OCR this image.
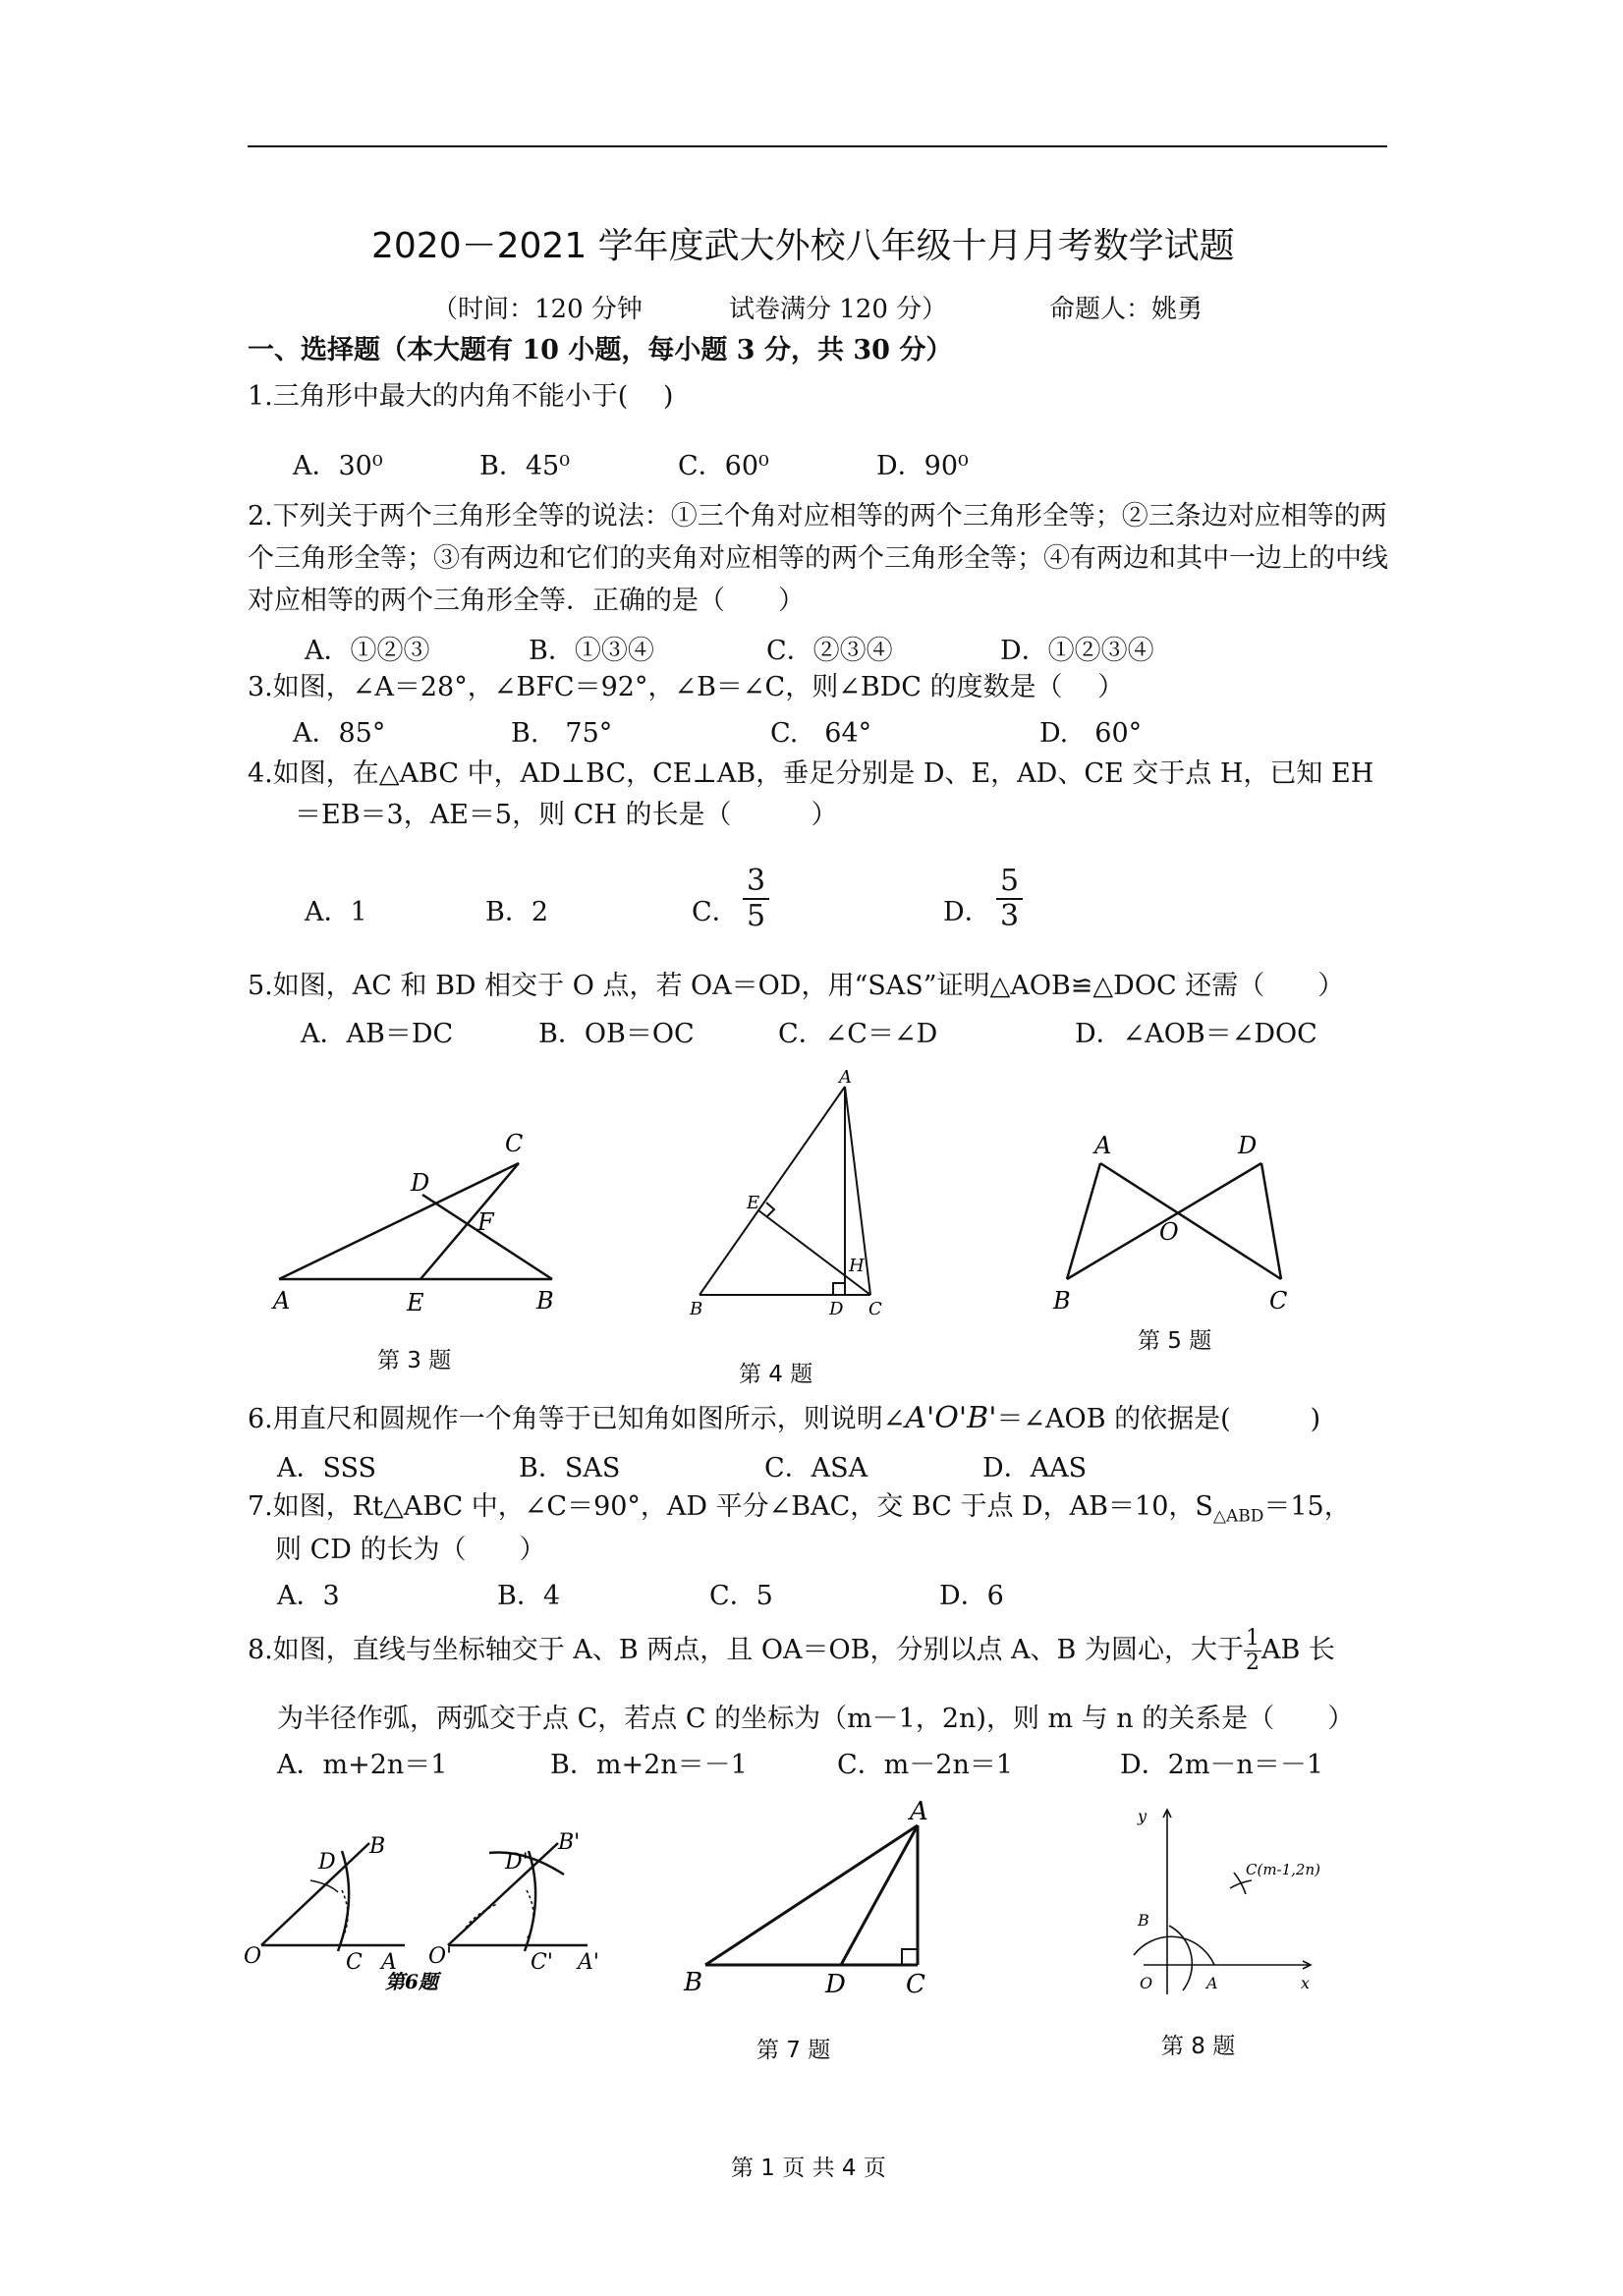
2020－2021 学年度武大外校八年级十月月考数学试题
（时间：120 分钟	试卷满分 120 分）	命题人：姚勇
一、选择题（本大题有 10 小题，每小题 3 分，共 30 分）
1.三角形中最大的内角不能小于(　 )
A．30⁰	B．45⁰	C．60⁰	D．90⁰
2.下列关于两个三角形全等的说法：①三个角对应相等的两个三角形全等；②三条边对应相等的两个三角形全等；③有两边和它们的夹角对应相等的两个三角形全等；④有两边和其中一边上的中线对应相等的两个三角形全等．正确的是（　　）
A．①②③	B．①③④	C．②③④	D．①②③④
3.如图，∠A＝28°，∠BFC＝92°，∠B＝∠C，则∠BDC 的度数是（　 ）
A．85°	B.　75°	C.　64°	D.　60°
4.如图，在△ABC 中，AD⊥BC，CE⊥AB，垂足分别是 D、E，AD、CE 交于点 H，已知 EH
＝EB＝3，AE＝5，则 CH 的长是（　　　）
A．1	B．2	C． $\frac{3}{5}$	D． $\frac{5}{3}$
5.如图，AC 和 BD 相交于 O 点，若 OA＝OD，用“SAS”证明△AOB≌△DOC 还需（　　）
A．AB＝DC	B．OB＝OC	C．∠C＝∠D	D．∠AOB＝∠DOC
A	E	B
C
D
F
第 3 题
A
B	D C
E
H
第 4 题
A	D
O
B	C
第 5 题
6.用直尺和圆规作一个角等于已知角如图所示，则说明∠A'O'B'＝∠AOB 的依据是(　　　)
A．SSS	B．SAS	C．ASA	D．AAS
7.如图，Rt△ABC 中，∠C＝90°，AD 平分∠BAC，交 BC 于点 D，AB＝10，$S_{\triangle ABD}=15$，
则 CD 的长为（　　）
A．3	B．4	C．5	D．6
8.如图，直线与坐标轴交于 A、B 两点，且 OA＝OB，分别以点 A、B 为圆心，大于 $\frac{1}{2}$ AB 长
为半径作弧，两弧交于点 C，若点 C 的坐标为（m－1，2n)，则 m 与 n 的关系是（　　）
A．m+2n＝1	B．m+2n＝－1	C．m－2n＝1	D．2m－n＝－1
O	C A
D
B
O'	C' A'
D'
B'
第6题
A
B	D C
第 7 题
y
x
O	A
B
C(m-1,2n)
第 8 题
第 1 页 共 4 页
